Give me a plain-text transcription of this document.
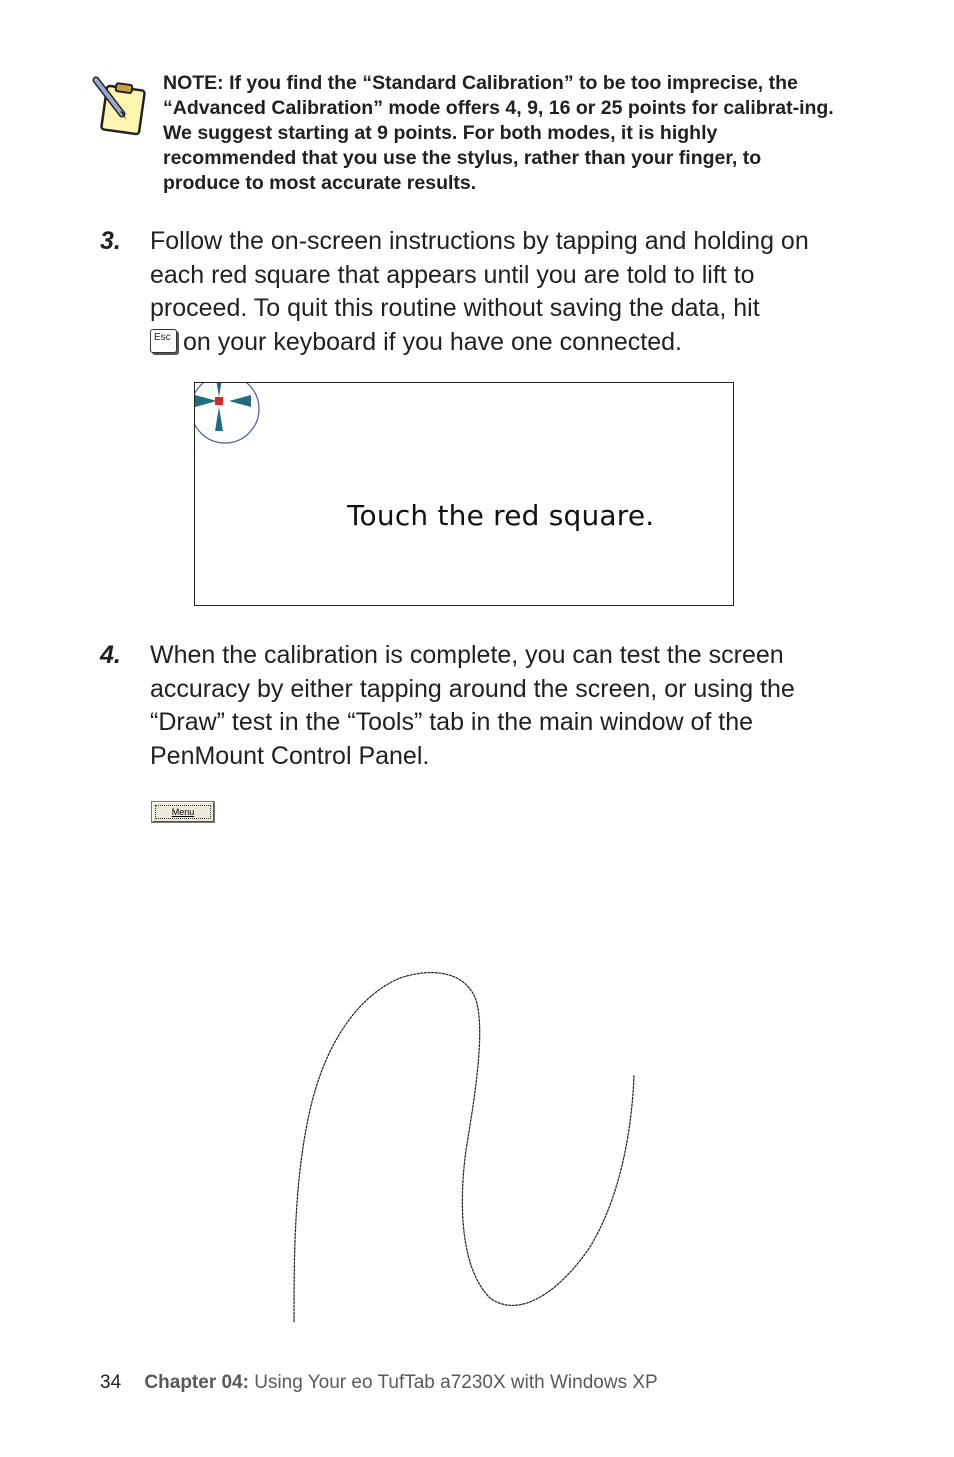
NOTE: If you find the “Standard Calibration” to be too imprecise, the “Advanced Calibration” mode offers 4, 9, 16 or 25 points for calibrat-ing. We suggest starting at 9 points. For both modes, it is highly recommended that you use the stylus, rather than your finger, to produce to most accurate results.

3. Follow the on-screen instructions by tapping and holding on each red square that appears until you are told to lift to proceed. To quit this routine without saving the data, hit

Esc on your keyboard if you have one connected.

Touch the red square.
4. When the calibration is complete, you can test the screen accuracy by either tapping around the screen, or using the “Draw” test in the “Tools” tab in the main window of the PenMount Control Panel.

Menu
34 Chapter 04: Using Your eo TufTab a7230X with Windows XP
